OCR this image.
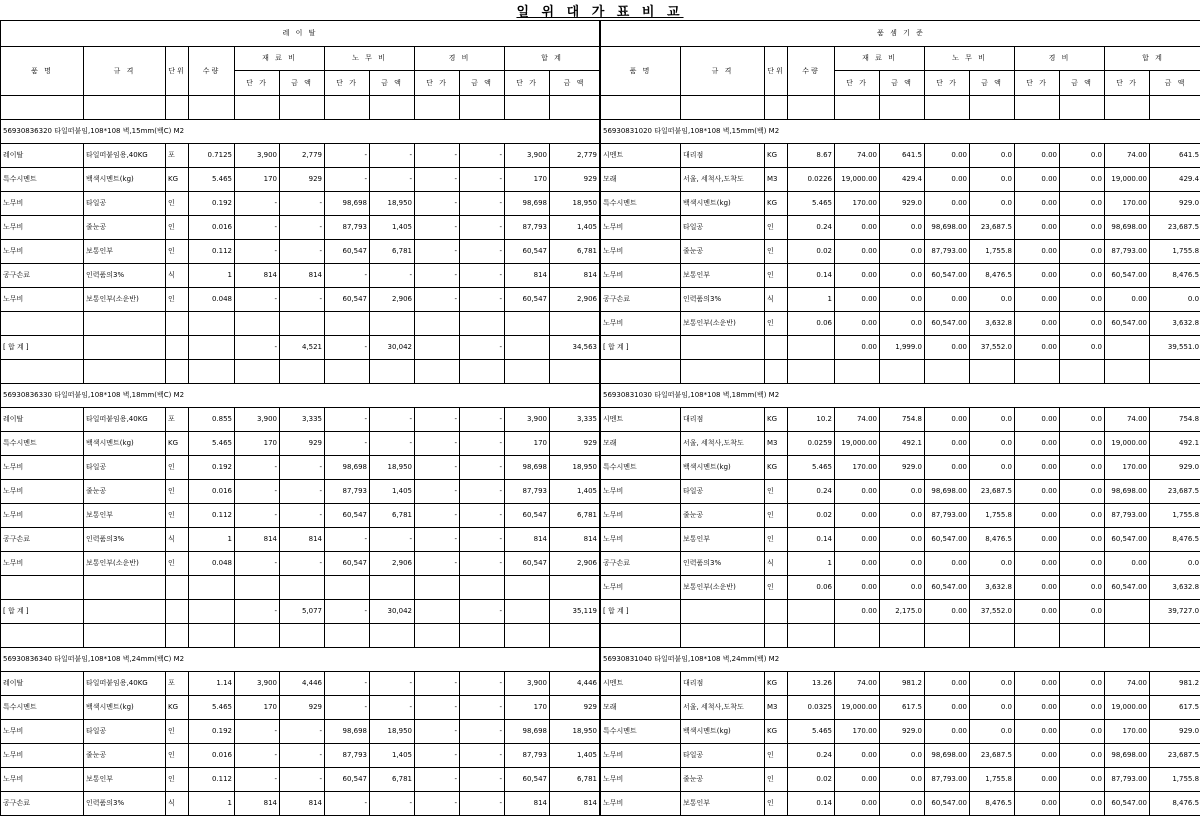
일 위 대 가 표 비 교
레 이 탈											
품 명	규 격	단위	수량	재 료 비		노 무 비		경 비		합 계	
				단 가	금 액	단 가	금 액	단 가	금 액	단 가	금 액

56930836320 타일떠붙임,108*108 벽,15mm(백C) M2											
레이탈	타일떠붙임용,40KG	포	0.7125	3,900	2,779	-	-	-	-	3,900	2,779
특수시멘트	백색시멘트(kg)	KG	5.465	170	929	-	-	-	-	170	929
노무비	타일공	인	0.192	-	-	98,698	18,950	-	-	98,698	18,950
노무비	줄눈공	인	0.016	-	-	87,793	1,405	-	-	87,793	1,405
노무비	보통인부	인	0.112	-	-	60,547	6,781	-	-	60,547	6,781
공구손료	인력품의3%	식	1	814	814	-	-	-	-	814	814
노무비	보통인부(소운반)	인	0.048	-	-	60,547	2,906	-	-	60,547	2,906

[ 합 계 ]				-	4,521	-	30,042		-		34,563

56930836330 타일떠붙임,108*108 벽,18mm(백C) M2											
레이탈	타일떠붙임용,40KG	포	0.855	3,900	3,335	-	-	-	-	3,900	3,335
특수시멘트	백색시멘트(kg)	KG	5.465	170	929	-	-	-	-	170	929
노무비	타일공	인	0.192	-	-	98,698	18,950	-	-	98,698	18,950
노무비	줄눈공	인	0.016	-	-	87,793	1,405	-	-	87,793	1,405
노무비	보통인부	인	0.112	-	-	60,547	6,781	-	-	60,547	6,781
공구손료	인력품의3%	식	1	814	814	-	-	-	-	814	814
노무비	보통인부(소운반)	인	0.048	-	-	60,547	2,906	-	-	60,547	2,906

[ 합 계 ]				-	5,077	-	30,042		-		35,119

56930836340 타일떠붙임,108*108 벽,24mm(백C) M2											
레이탈	타일떠붙임용,40KG	포	1.14	3,900	4,446	-	-	-	-	3,900	4,446
특수시멘트	백색시멘트(kg)	KG	5.465	170	929	-	-	-	-	170	929
노무비	타일공	인	0.192	-	-	98,698	18,950	-	-	98,698	18,950
노무비	줄눈공	인	0.016	-	-	87,793	1,405	-	-	87,793	1,405
노무비	보통인부	인	0.112	-	-	60,547	6,781	-	-	60,547	6,781
공구손료	인력품의3%	식	1	814	814	-	-	-	-	814	814
품 셈 기 준											
품 명	규 격	단위	수량	재 료 비		노 무 비		경 비		합 계	
				단 가	금 액	단 가	금 액	단 가	금 액	단 가	금 액

56930831020 타일떠붙임,108*108 벽,15mm(백) M2											
시멘트	대리점	KG	8.67	74.00	641.5	0.00	0.0	0.00	0.0	74.00	641.5
모래	서울, 세척사,도착도	M3	0.0226	19,000.00	429.4	0.00	0.0	0.00	0.0	19,000.00	429.4
특수시멘트	백색시멘트(kg)	KG	5.465	170.00	929.0	0.00	0.0	0.00	0.0	170.00	929.0
노무비	타일공	인	0.24	0.00	0.0	98,698.00	23,687.5	0.00	0.0	98,698.00	23,687.5
노무비	줄눈공	인	0.02	0.00	0.0	87,793.00	1,755.8	0.00	0.0	87,793.00	1,755.8
노무비	보통인부	인	0.14	0.00	0.0	60,547.00	8,476.5	0.00	0.0	60,547.00	8,476.5
공구손료	인력품의3%	식	1	0.00	0.0	0.00	0.0	0.00	0.0	0.00	0.0
노무비	보통인부(소운반)	인	0.06	0.00	0.0	60,547.00	3,632.8	0.00	0.0	60,547.00	3,632.8
[ 합 계 ]				0.00	1,999.0	0.00	37,552.0	0.00	0.0		39,551.0

56930831030 타일떠붙임,108*108 벽,18mm(백) M2											
시멘트	대리점	KG	10.2	74.00	754.8	0.00	0.0	0.00	0.0	74.00	754.8
모래	서울, 세척사,도착도	M3	0.0259	19,000.00	492.1	0.00	0.0	0.00	0.0	19,000.00	492.1
특수시멘트	백색시멘트(kg)	KG	5.465	170.00	929.0	0.00	0.0	0.00	0.0	170.00	929.0
노무비	타일공	인	0.24	0.00	0.0	98,698.00	23,687.5	0.00	0.0	98,698.00	23,687.5
노무비	줄눈공	인	0.02	0.00	0.0	87,793.00	1,755.8	0.00	0.0	87,793.00	1,755.8
노무비	보통인부	인	0.14	0.00	0.0	60,547.00	8,476.5	0.00	0.0	60,547.00	8,476.5
공구손료	인력품의3%	식	1	0.00	0.0	0.00	0.0	0.00	0.0	0.00	0.0
노무비	보통인부(소운반)	인	0.06	0.00	0.0	60,547.00	3,632.8	0.00	0.0	60,547.00	3,632.8
[ 합 계 ]				0.00	2,175.0	0.00	37,552.0	0.00	0.0		39,727.0

56930831040 타일떠붙임,108*108 벽,24mm(백) M2											
시멘트	대리점	KG	13.26	74.00	981.2	0.00	0.0	0.00	0.0	74.00	981.2
모래	서울, 세척사,도착도	M3	0.0325	19,000.00	617.5	0.00	0.0	0.00	0.0	19,000.00	617.5
특수시멘트	백색시멘트(kg)	KG	5.465	170.00	929.0	0.00	0.0	0.00	0.0	170.00	929.0
노무비	타일공	인	0.24	0.00	0.0	98,698.00	23,687.5	0.00	0.0	98,698.00	23,687.5
노무비	줄눈공	인	0.02	0.00	0.0	87,793.00	1,755.8	0.00	0.0	87,793.00	1,755.8
노무비	보통인부	인	0.14	0.00	0.0	60,547.00	8,476.5	0.00	0.0	60,547.00	8,476.5
